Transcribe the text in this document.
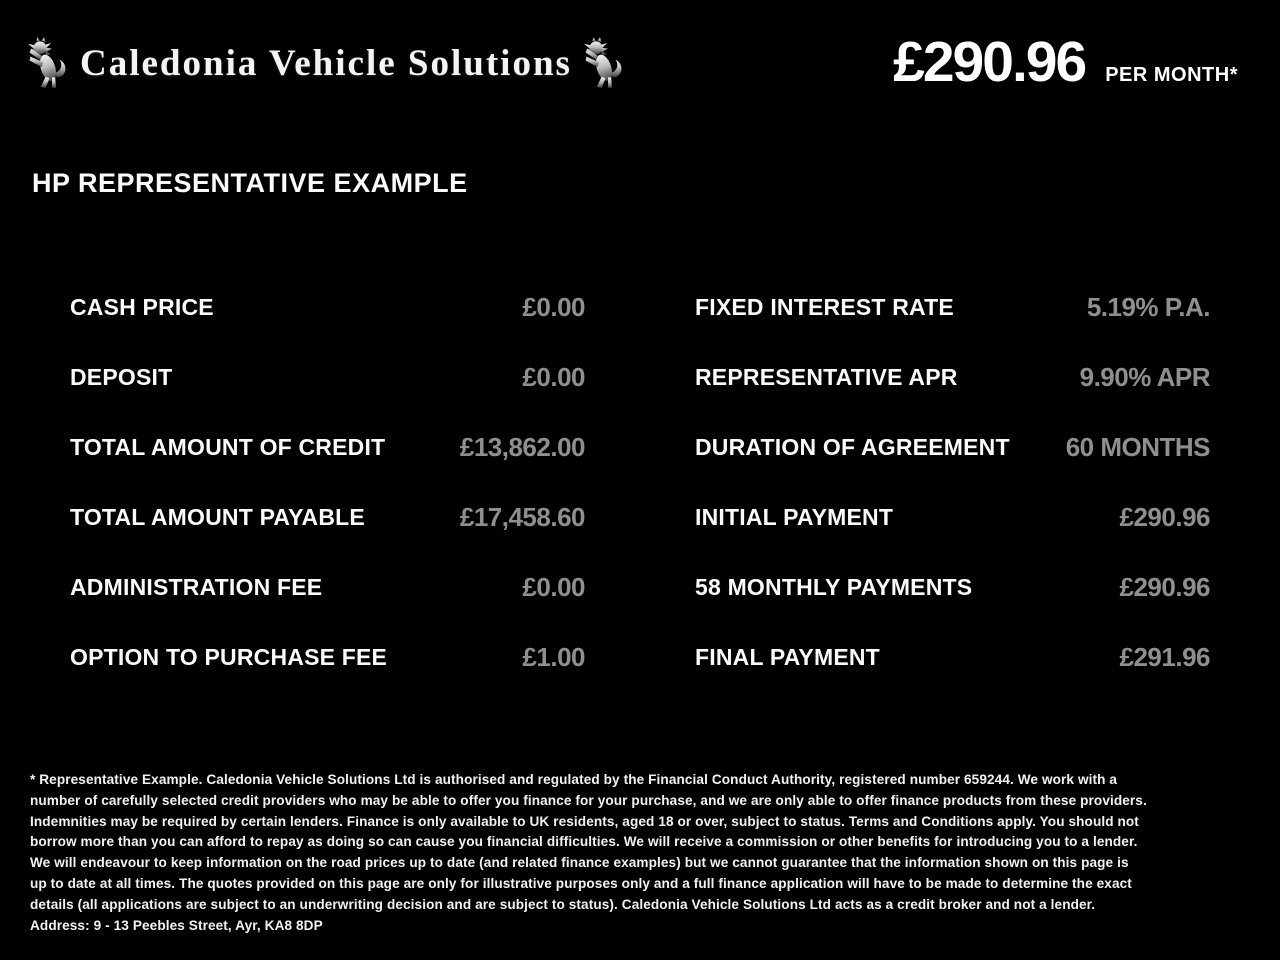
Caledonia Vehicle Solutions	£290.96 PER MONTH*
HP REPRESENTATIVE EXAMPLE
CASH PRICE	£0.00
DEPOSIT	£0.00
TOTAL AMOUNT OF CREDIT	£13,862.00
TOTAL AMOUNT PAYABLE	£17,458.60
ADMINISTRATION FEE	£0.00
OPTION TO PURCHASE FEE	£1.00
FIXED INTEREST RATE	5.19% P.A.
REPRESENTATIVE APR	9.90% APR
DURATION OF AGREEMENT 60 MONTHS
INITIAL PAYMENT	£290.96
58 MONTHLY PAYMENTS	£290.96
FINAL PAYMENT	£291.96
* Representative Example. Caledonia Vehicle Solutions Ltd is authorised and regulated by the Financial Conduct Authority, registered number 659244. We work with a number of carefully selected credit providers who may be able to offer you finance for your purchase, and we are only able to offer finance products from these providers. Indemnities may be required by certain lenders. Finance is only available to UK residents, aged 18 or over, subject to status. Terms and Conditions apply. You should not borrow more than you can afford to repay as doing so can cause you financial difficulties. We will receive a commission or other benefits for introducing you to a lender. We will endeavour to keep information on the road prices up to date (and related finance examples) but we cannot guarantee that the information shown on this page is up to date at all times. The quotes provided on this page are only for illustrative purposes only and a full finance application will have to be made to determine the exact details (all applications are subject to an underwriting decision and are subject to status). Caledonia Vehicle Solutions Ltd acts as a credit broker and not a lender. Address: 9 - 13 Peebles Street, Ayr, KA8 8DP
